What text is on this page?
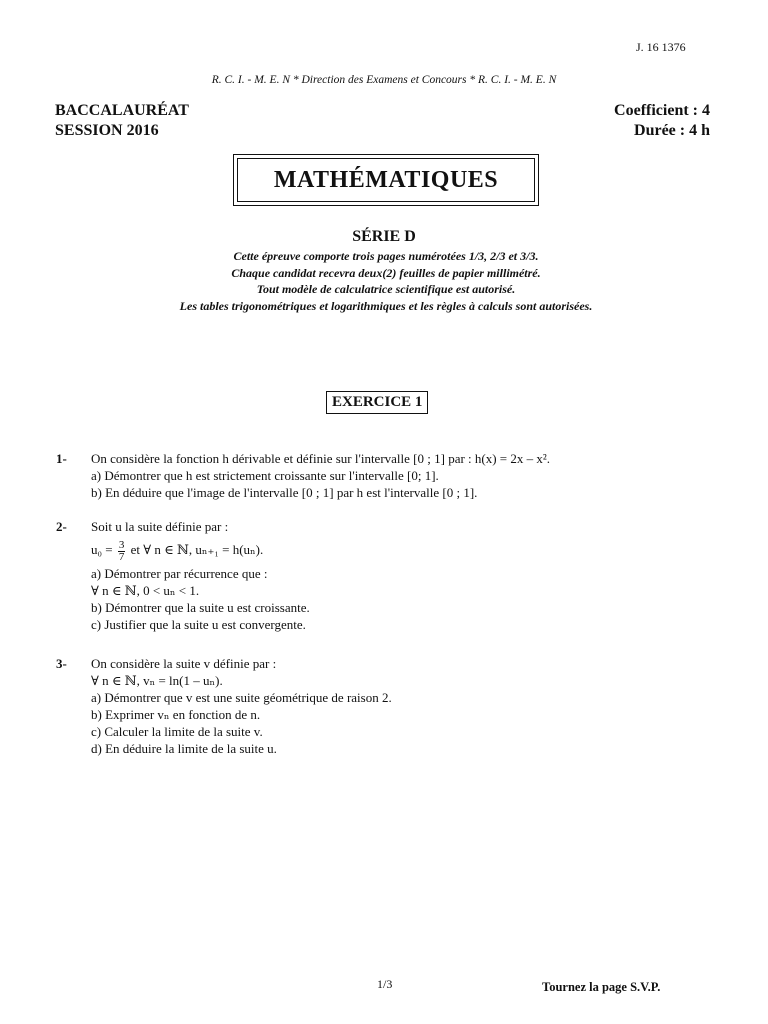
J. 16 1376
R. C. I. - M. E. N * Direction des Examens et Concours * R. C. I. - M. E. N
BACCALAURÉAT
SESSION 2016
Coefficient : 4
Durée : 4 h
MATHÉMATIQUES
SÉRIE D
Cette épreuve comporte trois pages numérotées 1/3, 2/3 et 3/3.
Chaque candidat recevra deux(2) feuilles de papier millimétré.
Tout modèle de calculatrice scientifique est autorisé.
Les tables trigonométriques et logarithmiques et les règles à calculs sont autorisées.
EXERCICE 1
1- On considère la fonction h dérivable et définie sur l'intervalle [0 ; 1] par : h(x) = 2x – x².
a) Démontrer que h est strictement croissante sur l'intervalle [0; 1].
b) En déduire que l'image de l'intervalle [0 ; 1] par h est l'intervalle [0 ; 1].
2- Soit u la suite définie par :
$u_0 = \frac{3}{7}$ et ∀ n ∈ ℕ, uₙ₊₁ = h(uₙ).
a) Démontrer par récurrence que :
∀ n ∈ ℕ, 0 < uₙ < 1.
b) Démontrer que la suite u est croissante.
c) Justifier que la suite u est convergente.
3- On considère la suite v définie par :
∀ n ∈ ℕ, vₙ = ln(1 – uₙ).
a) Démontrer que v est une suite géométrique de raison 2.
b) Exprimer vₙ en fonction de n.
c) Calculer la limite de la suite v.
d) En déduire la limite de la suite u.
1/3	Tournez la page S.V.P.
